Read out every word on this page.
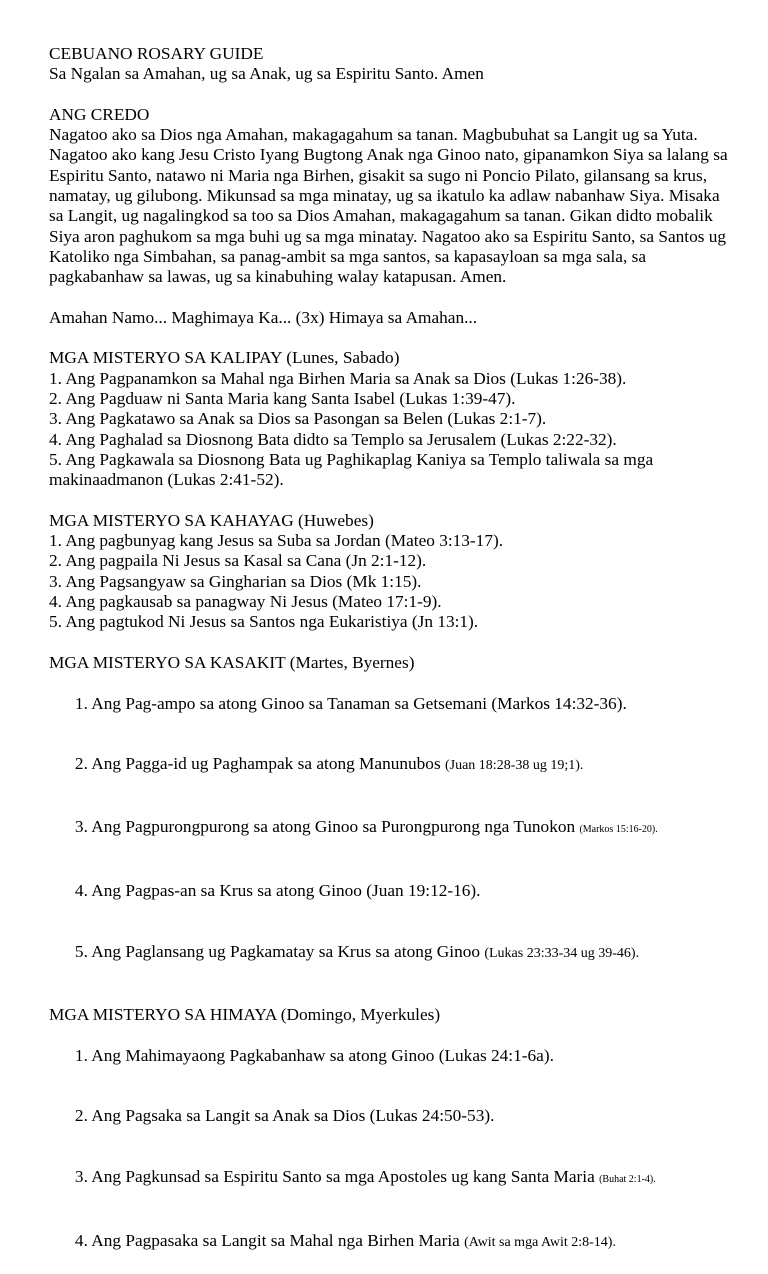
CEBUANO ROSARY GUIDE
Sa Ngalan sa Amahan, ug sa Anak, ug sa Espiritu Santo. Amen
ANG CREDO
Nagatoo ako sa Dios nga Amahan, makagagahum sa tanan. Magbubuhat sa Langit ug sa Yuta. Nagatoo ako kang Jesu Cristo Iyang Bugtong Anak nga Ginoo nato, gipanamkon Siya sa lalang sa Espiritu Santo, natawo ni Maria nga Birhen, gisakit sa sugo ni Poncio Pilato, gilansang sa krus, namatay, ug gilubong. Mikunsad sa mga minatay, ug sa ikatulo ka adlaw nabanhaw Siya. Misaka sa Langit, ug nagalingkod sa too sa Dios Amahan, makagagahum sa tanan. Gikan didto mobalik Siya aron paghukom sa mga buhi ug sa mga minatay. Nagatoo ako sa Espiritu Santo, sa Santos ug Katoliko nga Simbahan, sa panag-ambit sa mga santos, sa kapasayloan sa mga sala, sa pagkabanhaw sa lawas, ug sa kinabuhing walay katapusan. Amen.
Amahan Namo... Maghimaya Ka... (3x) Himaya sa Amahan...
MGA MISTERYO SA KALIPAY (Lunes, Sabado)
1. Ang Pagpanamkon sa Mahal nga Birhen Maria sa Anak sa Dios (Lukas 1:26-38).
2. Ang Pagduaw ni Santa Maria kang Santa Isabel (Lukas 1:39-47).
3. Ang Pagkatawo sa Anak sa Dios sa Pasongan sa Belen (Lukas 2:1-7).
4. Ang Paghalad sa Diosnong Bata didto sa Templo sa Jerusalem (Lukas 2:22-32).
5. Ang Pagkawala sa Diosnong Bata ug Paghikaplag Kaniya sa Templo taliwala sa mga makinaadmanon (Lukas 2:41-52).
MGA MISTERYO SA KAHAYAG (Huwebes)
1. Ang pagbunyag kang Jesus sa Suba sa Jordan (Mateo 3:13-17).
2. Ang pagpaila Ni Jesus sa Kasal sa Cana (Jn 2:1-12).
3. Ang Pagsangyaw sa Gingharian sa Dios (Mk 1:15).
4. Ang pagkausab sa panagway Ni Jesus (Mateo 17:1-9).
5. Ang pagtukod Ni Jesus sa Santos nga Eukaristiya (Jn 13:1).
MGA MISTERYO SA KASAKIT (Martes, Byernes)

1. Ang Pag-ampo sa atong Ginoo sa Tanaman sa Getsemani (Markos 14:32-36).

2. Ang Pagga-id ug Paghampak sa atong Manunubos (Juan 18:28-38 ug 19;1).

3. Ang Pagpurongpurong sa atong Ginoo sa Purongpurong nga Tunokon (Markos 15:16-20).

4. Ang Pagpas-an sa Krus sa atong Ginoo (Juan 19:12-16).

5. Ang Paglansang ug Pagkamatay sa Krus sa atong Ginoo (Lukas 23:33-34 ug 39-46).

MGA MISTERYO SA HIMAYA (Domingo, Myerkules)

1. Ang Mahimayaong Pagkabanhaw sa atong Ginoo (Lukas 24:1-6a).

2. Ang Pagsaka sa Langit sa Anak sa Dios (Lukas 24:50-53).

3. Ang Pagkunsad sa Espiritu Santo sa mga Apostoles ug kang Santa Maria (Buhat 2:1-4).

4. Ang Pagpasaka sa Langit sa Mahal nga Birhen Maria (Awit sa mga Awit 2:8-14).
